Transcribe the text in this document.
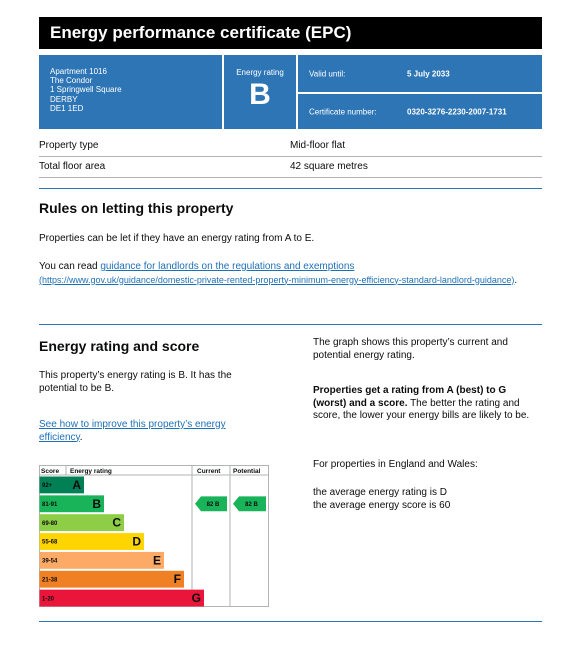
Energy performance certificate (EPC)
Apartment 1016
The Condor
1 Springwell Square
DERBY
DE1 1ED
Energy rating
B
Valid until:	5 July 2033
Certificate number:	0320-3276-2230-2007-1731
Property type	Mid-floor flat
Total floor area	42 square metres
Rules on letting this property

Properties can be let if they have an energy rating from A to E.

You can read guidance for landlords on the regulations and exemptions
(https://www.gov.uk/guidance/domestic-private-rented-property-minimum-energy-efficiency-standard-landlord-guidance).
Energy rating and score

This property’s energy rating is B. It has the potential to be B.

See how to improve this property’s energy efficiency.

The graph shows this property’s current and potential energy rating.

Properties get a rating from A (best) to G (worst) and a score. The better the rating and score, the lower your energy bills are likely to be.

For properties in England and Wales:

the average energy rating is D

the average energy score is 60

Score Energy rating	Current Potential
92+ A
81-91	B
69-80	C
55-68	D
39-54	E
21-38	F
1-20	G
82 B	82 B
